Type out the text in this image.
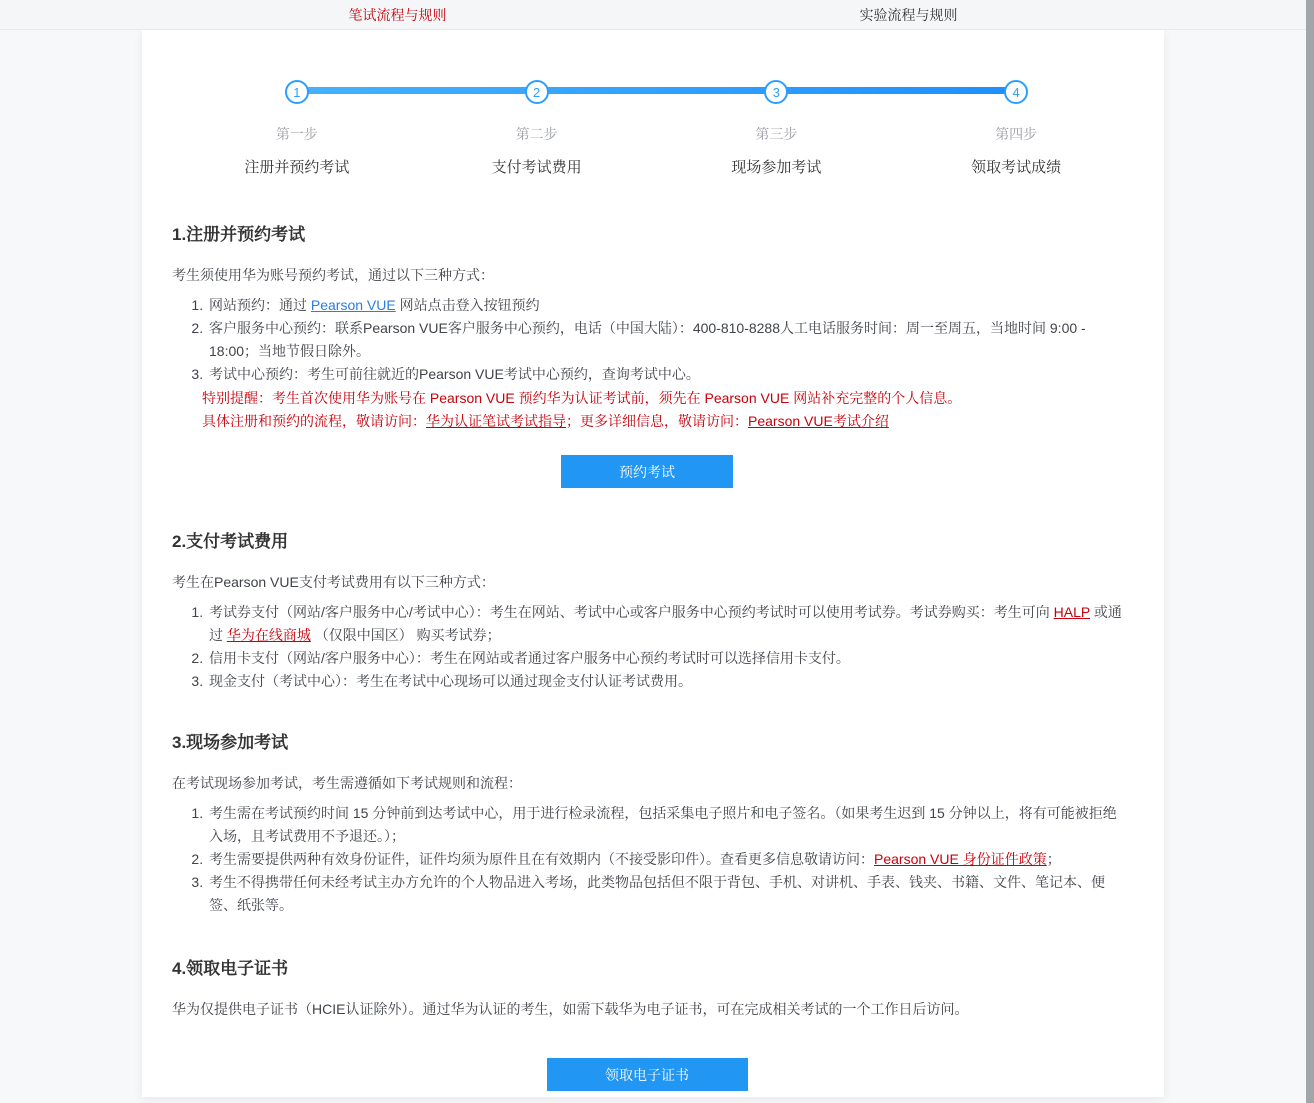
笔试流程与规则	实验流程与规则
1
第一步
注册并预约考试
2
第二步
支付考试费用
3
第三步
现场参加考试
4
第四步
领取考试成绩
1.注册并预约考试
考生须使用华为账号预约考试，通过以下三种方式：
1. 网站预约：通过 Pearson VUE 网站点击登入按钮预约
2. 客户服务中心预约：联系Pearson VUE客户服务中心预约，电话（中国大陆）：400-810-8288人工电话服务时间：周一至周五，当地时间 9:00 - 18:00；当地节假日除外。
3. 考试中心预约：考生可前往就近的Pearson VUE考试中心预约，查询考试中心。
特别提醒：考生首次使用华为账号在 Pearson VUE 预约华为认证考试前，须先在 Pearson VUE 网站补充完整的个人信息。
具体注册和预约的流程，敬请访问：华为认证笔试考试指导；更多详细信息，敬请访问：Pearson VUE考试介绍
预约考试
2.支付考试费用
考生在Pearson VUE支付考试费用有以下三种方式：
1. 考试券支付（网站/客户服务中心/考试中心）：考生在网站、考试中心或客户服务中心预约考试时可以使用考试券。考试券购买：考生可向 HALP 或通过 华为在线商城 （仅限中国区） 购买考试券；
2. 信用卡支付（网站/客户服务中心）：考生在网站或者通过客户服务中心预约考试时可以选择信用卡支付。
3. 现金支付（考试中心）：考生在考试中心现场可以通过现金支付认证考试费用。
3.现场参加考试
在考试现场参加考试，考生需遵循如下考试规则和流程：
1. 考生需在考试预约时间 15 分钟前到达考试中心，用于进行检录流程，包括采集电子照片和电子签名。（如果考生迟到 15 分钟以上，将有可能被拒绝入场，且考试费用不予退还。）；
2. 考生需要提供两种有效身份证件，证件均须为原件且在有效期内（不接受影印件）。查看更多信息敬请访问：Pearson VUE 身份证件政策；
3. 考生不得携带任何未经考试主办方允许的个人物品进入考场，此类物品包括但不限于背包、手机、对讲机、手表、钱夹、书籍、文件、笔记本、便签、纸张等。
4.领取电子证书
华为仅提供电子证书（HCIE认证除外）。通过华为认证的考生，如需下载华为电子证书，可在完成相关考试的一个工作日后访问。
领取电子证书
